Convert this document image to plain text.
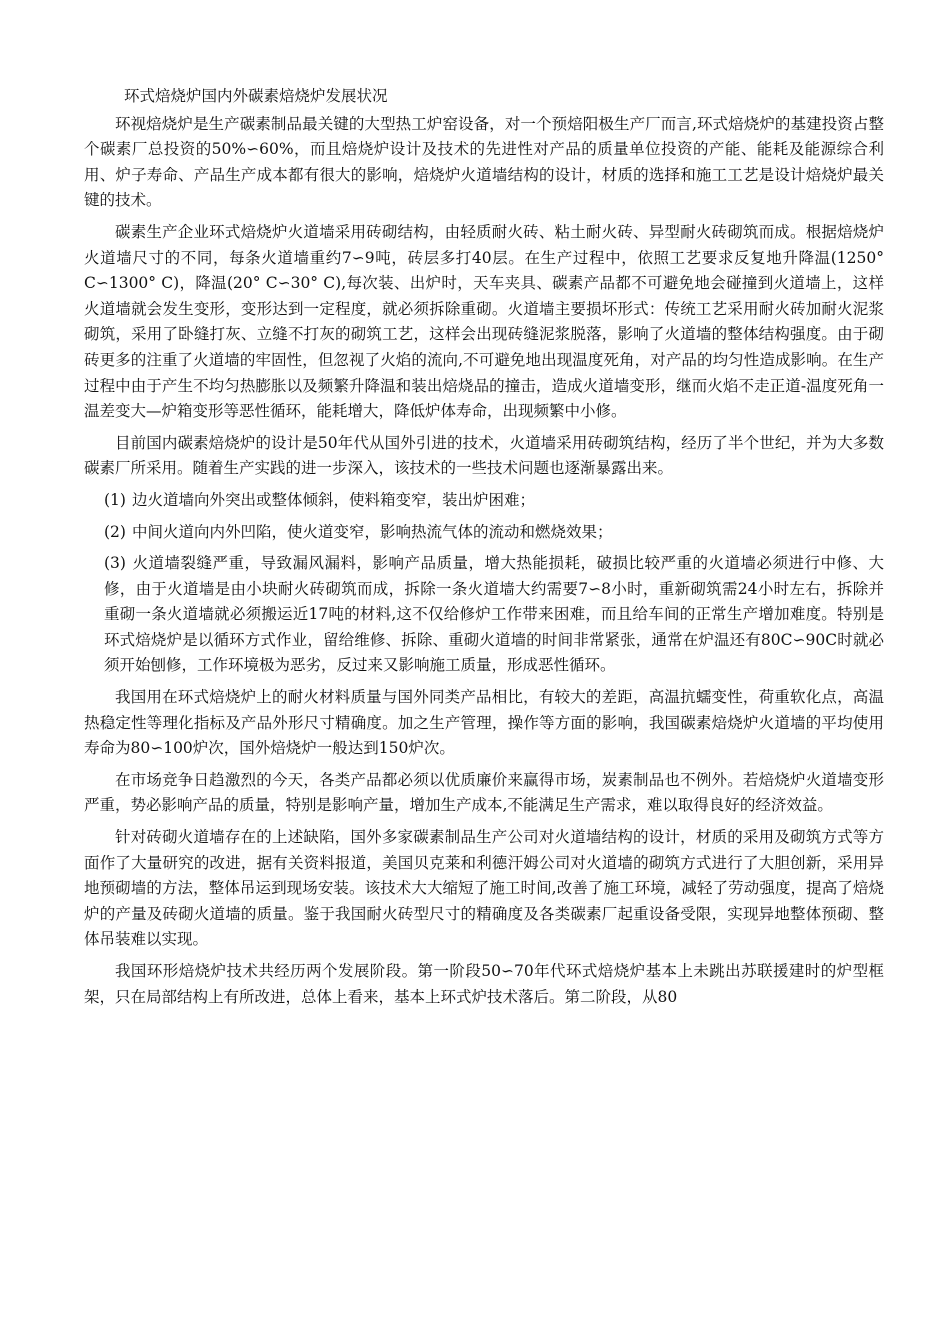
环式焙烧炉国内外碳素焙烧炉发展状况

环视焙烧炉是生产碳素制品最关键的大型热工炉窑设备，对一个预焙阳极生产厂而言,环式焙烧炉的基建投资占整个碳素厂总投资的50%∽60%，而且焙烧炉设计及技术的先进性对产品的质量单位投资的产能、能耗及能源综合利用、炉子寿命、产品生产成本都有很大的影响，焙烧炉火道墙结构的设计，材质的选择和施工工艺是设计焙烧炉最关键的技术。

碳素生产企业环式焙烧炉火道墙采用砖砌结构，由轻质耐火砖、粘土耐火砖、异型耐火砖砌筑而成。根据焙烧炉火道墙尺寸的不同，每条火道墙重约7∽9吨，砖层多打40层。在生产过程中，依照工艺要求反复地升降温(1250° C∽1300° C)，降温(20° C∽30° C),每次装、出炉时，天车夹具、碳素产品都不可避免地会碰撞到火道墙上，这样火道墙就会发生变形，变形达到一定程度，就必须拆除重砌。火道墙主要损坏形式：传统工艺采用耐火砖加耐火泥浆砌筑，采用了卧缝打灰、立缝不打灰的砌筑工艺，这样会出现砖缝泥浆脱落，影响了火道墙的整体结构强度。由于砌砖更多的注重了火道墙的牢固性，但忽视了火焰的流向,不可避免地出现温度死角，对产品的均匀性造成影响。在生产过程中由于产生不均匀热膨胀以及频繁升降温和装出焙烧品的撞击，造成火道墙变形，继而火焰不走正道-温度死角一温差变大—炉箱变形等恶性循环，能耗增大，降低炉体寿命，出现频繁中小修。

目前国内碳素焙烧炉的设计是50年代从国外引进的技术，火道墙采用砖砌筑结构，经历了半个世纪，并为大多数碳素厂所采用。随着生产实践的进一步深入，该技术的一些技术问题也逐渐暴露出来。

(1) 边火道墙向外突出或整体倾斜，使料箱变窄，装出炉困难；

(2) 中间火道向内外凹陷，使火道变窄，影响热流气体的流动和燃烧效果；

(3) 火道墙裂缝严重，导致漏风漏料，影响产品质量，增大热能损耗，破损比较严重的火道墙必须进行中修、大修，由于火道墙是由小块耐火砖砌筑而成，拆除一条火道墙大约需要7∽8小时，重新砌筑需24小时左右，拆除并重砌一条火道墙就必须搬运近17吨的材料,这不仅给修炉工作带来困难，而且给车间的正常生产增加难度。特别是环式焙烧炉是以循环方式作业，留给维修、拆除、重砌火道墙的时间非常紧张，通常在炉温还有80C∽90C时就必须开始刨修，工作环境极为恶劣，反过来又影响施工质量，形成恶性循环。

我国用在环式焙烧炉上的耐火材料质量与国外同类产品相比，有较大的差距，高温抗蠕变性，荷重软化点，高温热稳定性等理化指标及产品外形尺寸精确度。加之生产管理，操作等方面的影响，我国碳素焙烧炉火道墙的平均使用寿命为80∽100炉次，国外焙烧炉一般达到150炉次。

在市场竞争日趋激烈的今天，各类产品都必须以优质廉价来赢得市场，炭素制品也不例外。若焙烧炉火道墙变形严重，势必影响产品的质量，特别是影响产量，增加生产成本,不能满足生产需求，难以取得良好的经济效益。

针对砖砌火道墙存在的上述缺陷，国外多家碳素制品生产公司对火道墙结构的设计，材质的采用及砌筑方式等方面作了大量研究的改进，据有关资料报道，美国贝克莱和利德汗姆公司对火道墙的砌筑方式进行了大胆创新，采用异地预砌墙的方法，整体吊运到现场安装。该技术大大缩短了施工时间,改善了施工环境，减轻了劳动强度，提高了焙烧炉的产量及砖砌火道墙的质量。鉴于我国耐火砖型尺寸的精确度及各类碳素厂起重设备受限，实现异地整体预砌、整体吊装难以实现。

我国环形焙烧炉技术共经历两个发展阶段。第一阶段50∽70年代环式焙烧炉基本上未跳出苏联援建时的炉型框架，只在局部结构上有所改进，总体上看来，基本上环式炉技术落后。第二阶段，从80
